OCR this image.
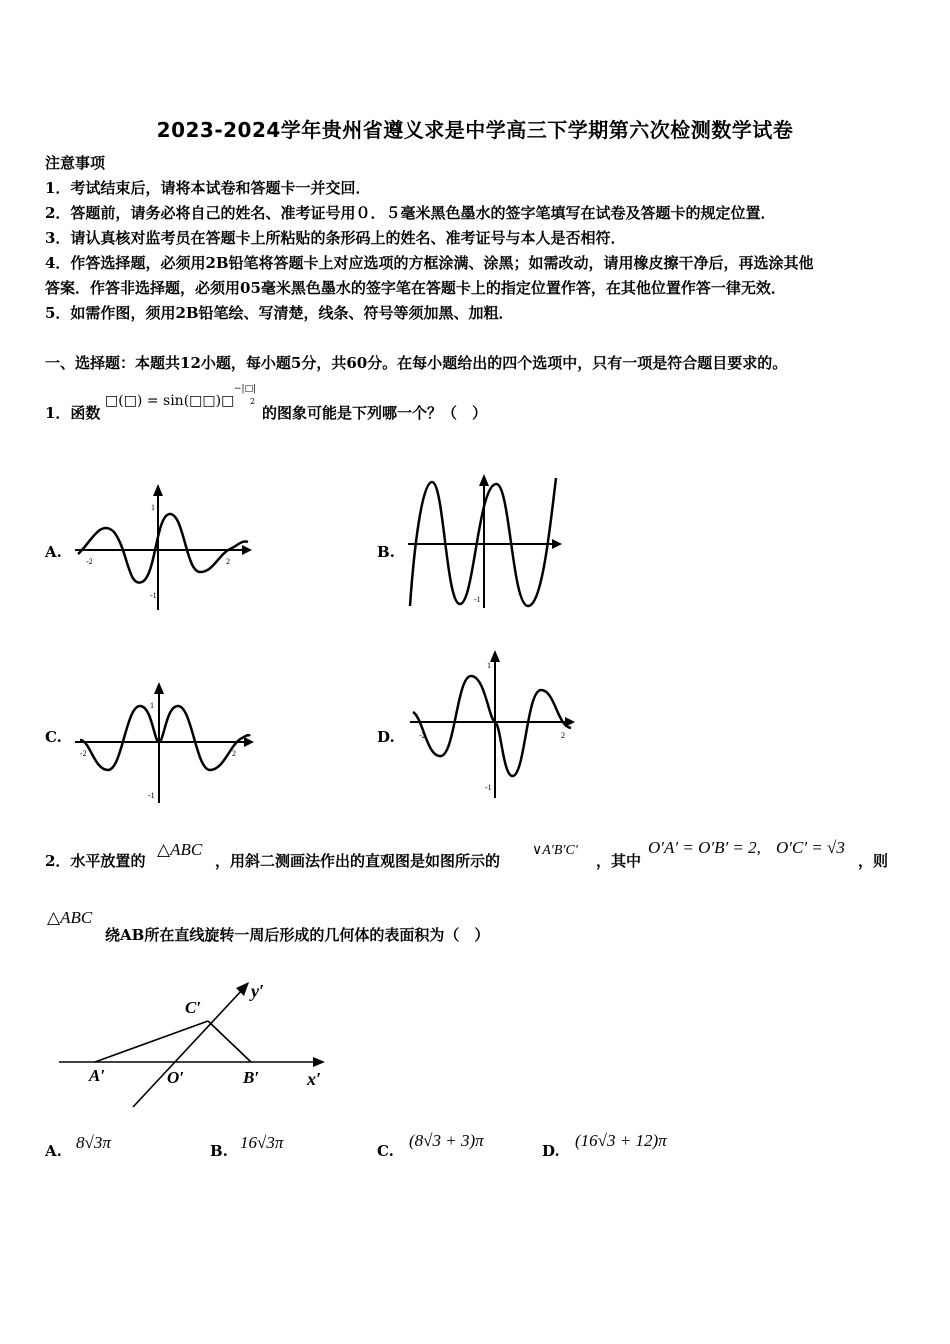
2023-2024学年贵州省遵义求是中学高三下学期第六次检测数学试卷
注意事项
1．考试结束后，请将本试卷和答题卡一并交回．
2．答题前，请务必将自己的姓名、准考证号用０．５毫米黑色墨水的签字笔填写在试卷及答题卡的规定位置．
3．请认真核对监考员在答题卡上所粘贴的条形码上的姓名、准考证号与本人是否相符．
4．作答选择题，必须用2B铅笔将答题卡上对应选项的方框涂满、涂黑；如需改动，请用橡皮擦干净后，再选涂其他
答案．作答非选择题，必须用05毫米黑色墨水的签字笔在答题卡上的指定位置作答，在其他位置作答一律无效．
5．如需作图，须用2B铅笔绘、写清楚，线条、符号等须加黑、加粗．
一、选择题：本题共12小题，每小题5分，共60分。在每小题给出的四个选项中，只有一项是符合题目要求的。
1．函数
□(□) = sin(□□)□
−|□|
2
的图象可能是下列哪一个？（　）
A.	B.
C.	D.
-2	2
1
-1	-1
-2	2
1
-1
-2	2
1
-1
2．水平放置的
△ABC
，用斜二测画法作出的直观图是如图所示的
∨A′B′C′
，其中
O′A′ = O′B′ = 2, O′C′ = √3
，则
△ABC
绕AB所在直线旋转一周后形成的几何体的表面积为（　）
y′
x′
A′	O′	B′
C′
A. 8√3π	B. 16√3π	C.
(8√3 + 3)π
D.
(16√3 + 12)π
